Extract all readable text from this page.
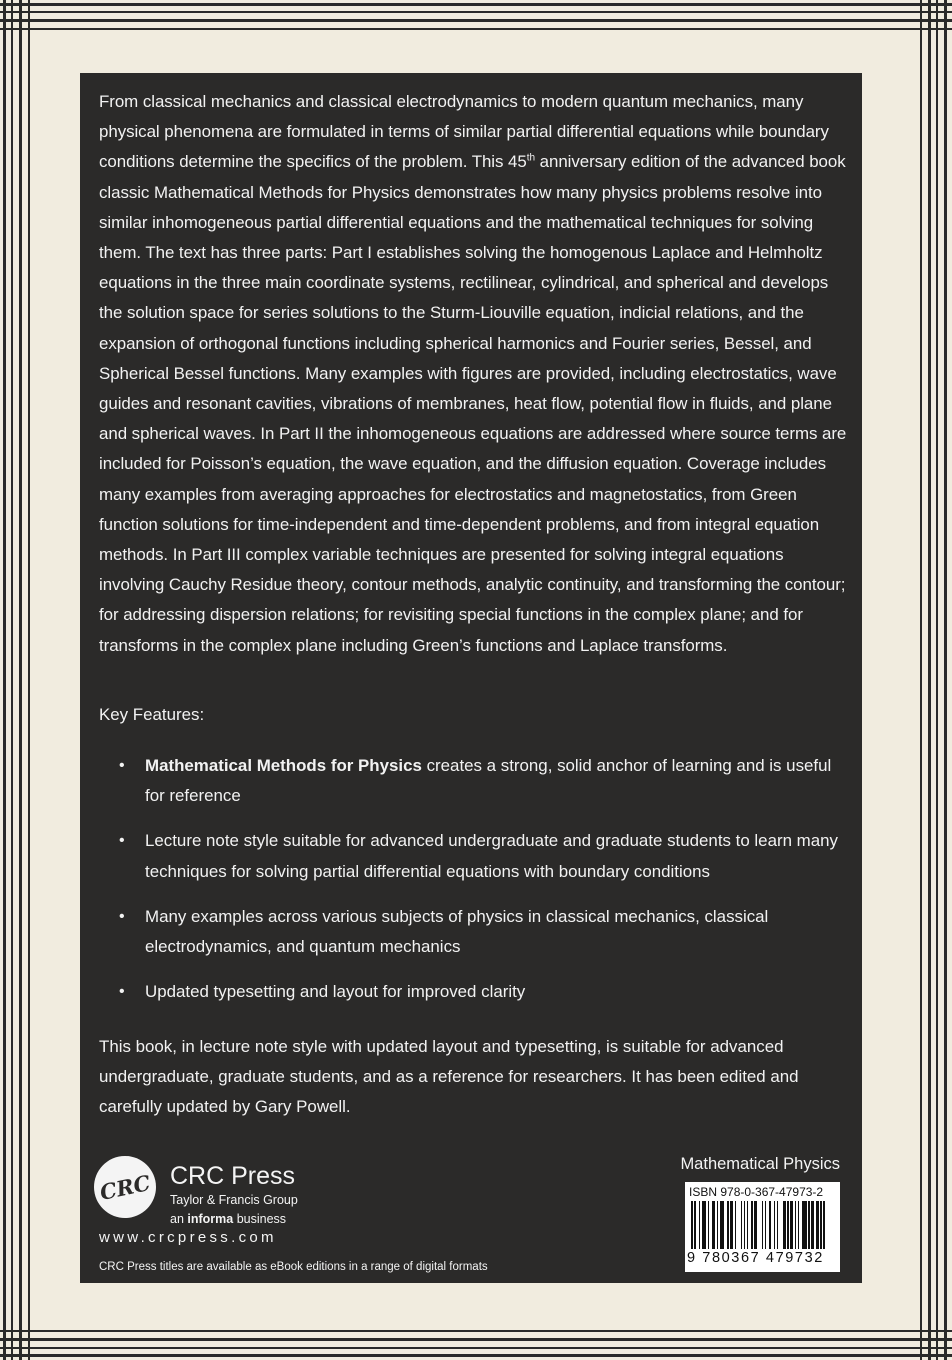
From classical mechanics and classical electrodynamics to modern quantum mechanics, many physical phenomena are formulated in terms of similar partial differential equations while boundary conditions determine the specifics of the problem. This 45th anniversary edition of the advanced book classic Mathematical Methods for Physics demonstrates how many physics problems resolve into similar inhomogeneous partial differential equations and the mathematical techniques for solving them. The text has three parts: Part I establishes solving the homogenous Laplace and Helmholtz equations in the three main coordinate systems, rectilinear, cylindrical, and spherical and develops the solution space for series solutions to the Sturm-Liouville equation, indicial relations, and the expansion of orthogonal functions including spherical harmonics and Fourier series, Bessel, and Spherical Bessel functions. Many examples with figures are provided, including electrostatics, wave guides and resonant cavities, vibrations of membranes, heat flow, potential flow in fluids, and plane and spherical waves. In Part II the inhomogeneous equations are addressed where source terms are included for Poisson’s equation, the wave equation, and the diffusion equation. Coverage includes many examples from averaging approaches for electrostatics and magnetostatics, from Green function solutions for time-independent and time-dependent problems, and from integral equation methods. In Part III complex variable techniques are presented for solving integral equations involving Cauchy Residue theory, contour methods, analytic continuity, and transforming the contour; for addressing dispersion relations; for revisiting special functions in the complex plane; and for transforms in the complex plane including Green’s functions and Laplace transforms.

Key Features:

• Mathematical Methods for Physics creates a strong, solid anchor of learning and is useful for reference
• Lecture note style suitable for advanced undergraduate and graduate students to learn many techniques for solving partial differential equations with boundary conditions
• Many examples across various subjects of physics in classical mechanics, classical electrodynamics, and quantum mechanics
• Updated typesetting and layout for improved clarity

This book, in lecture note style with updated layout and typesetting, is suitable for advanced undergraduate, graduate students, and as a reference for researchers. It has been edited and carefully updated by Gary Powell.

CRC CRC Press

Taylor & Francis Group

an informa business

www.crcpress.com

CRC Press titles are available as eBook editions in a range of digital formats

Mathematical Physics

ISBN 978-0-367-47973-2

9 780367 479732
